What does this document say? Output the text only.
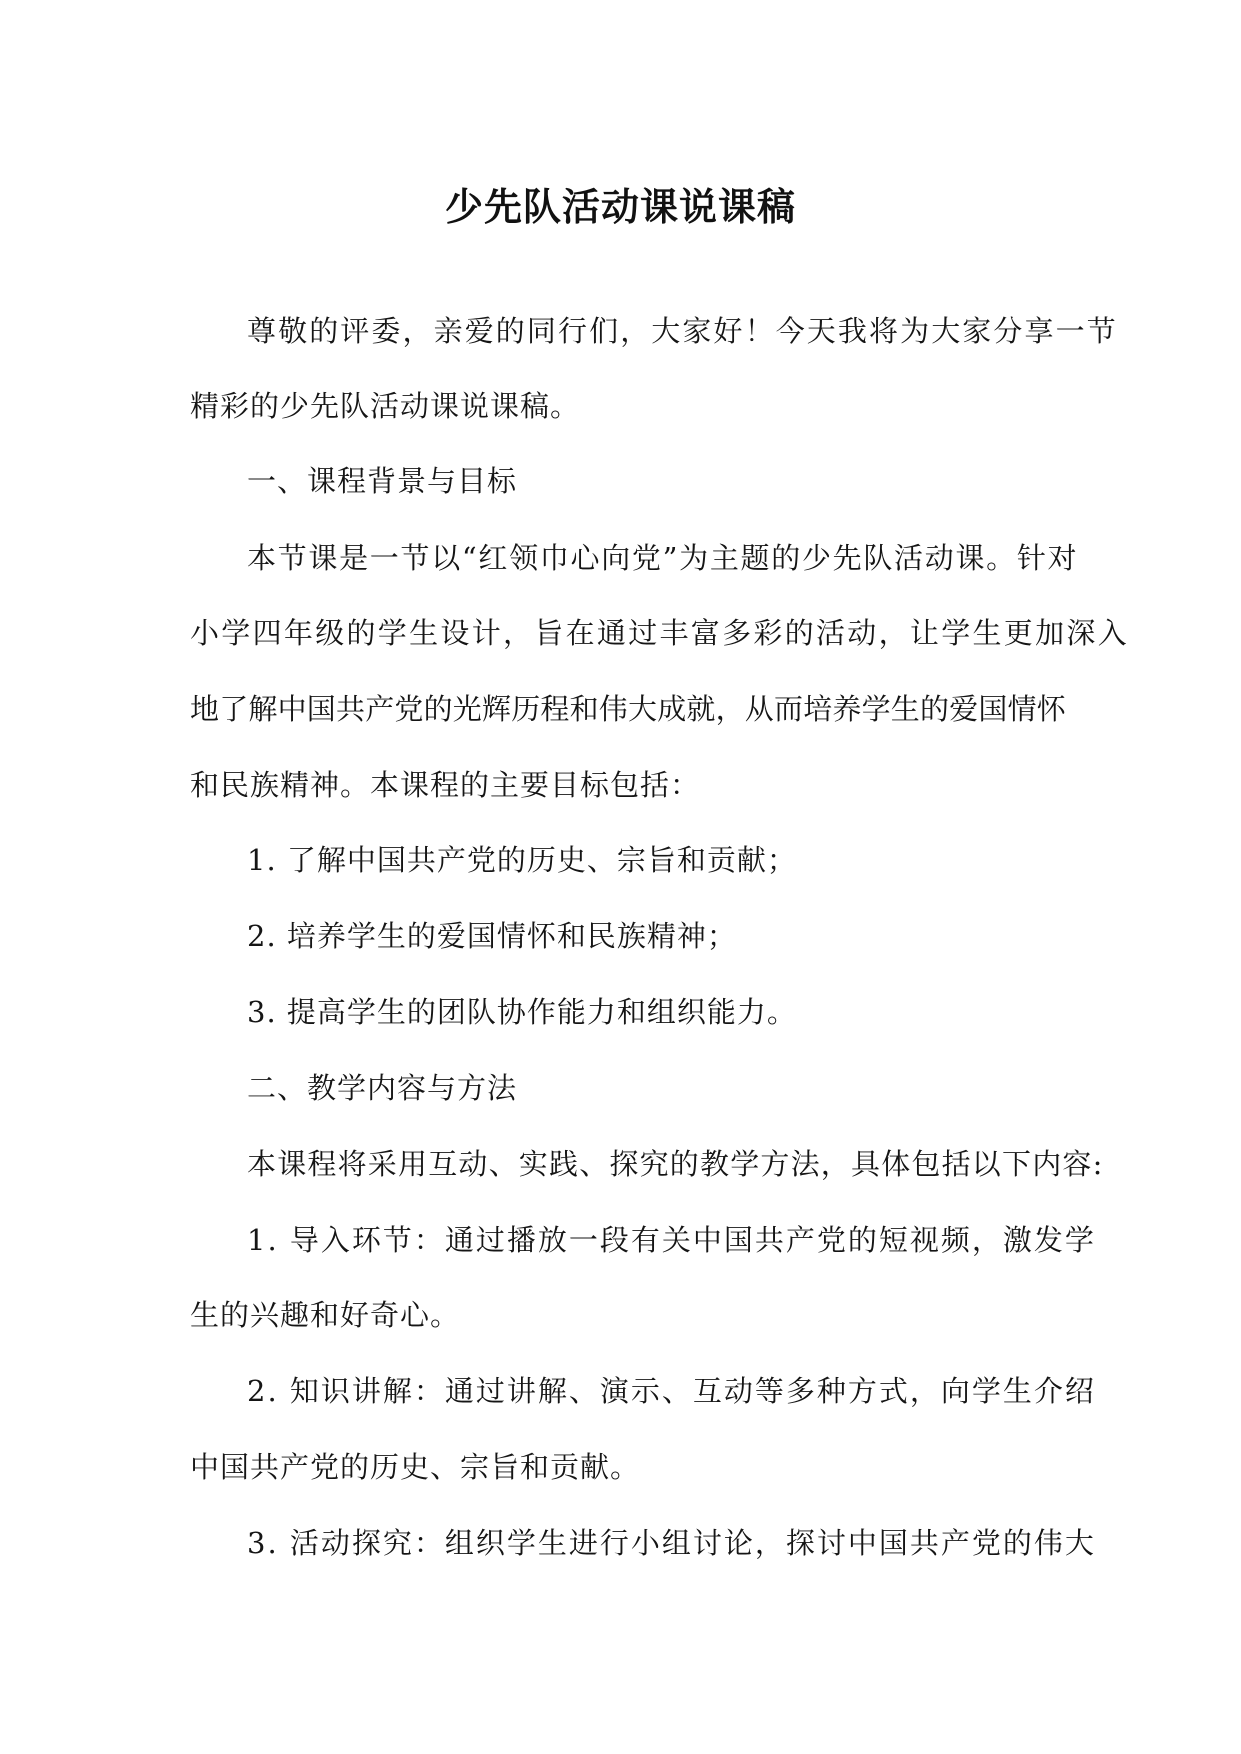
少先队活动课说课稿
尊敬的评委，亲爱的同行们，大家好！今天我将为大家分享一节
精彩的少先队活动课说课稿。
一、课程背景与目标
本节课是一节以“红领巾心向党”为主题的少先队活动课。针对
小学四年级的学生设计，旨在通过丰富多彩的活动，让学生更加深入
地了解中国共产党的光辉历程和伟大成就，从而培养学生的爱国情怀
和民族精神。本课程的主要目标包括：
1. 了解中国共产党的历史、宗旨和贡献；
2. 培养学生的爱国情怀和民族精神；
3. 提高学生的团队协作能力和组织能力。
二、教学内容与方法
本课程将采用互动、实践、探究的教学方法，具体包括以下内容:
1. 导入环节：通过播放一段有关中国共产党的短视频，激发学
生的兴趣和好奇心。
2. 知识讲解：通过讲解、演示、互动等多种方式，向学生介绍
中国共产党的历史、宗旨和贡献。
3. 活动探究：组织学生进行小组讨论，探讨中国共产党的伟大
